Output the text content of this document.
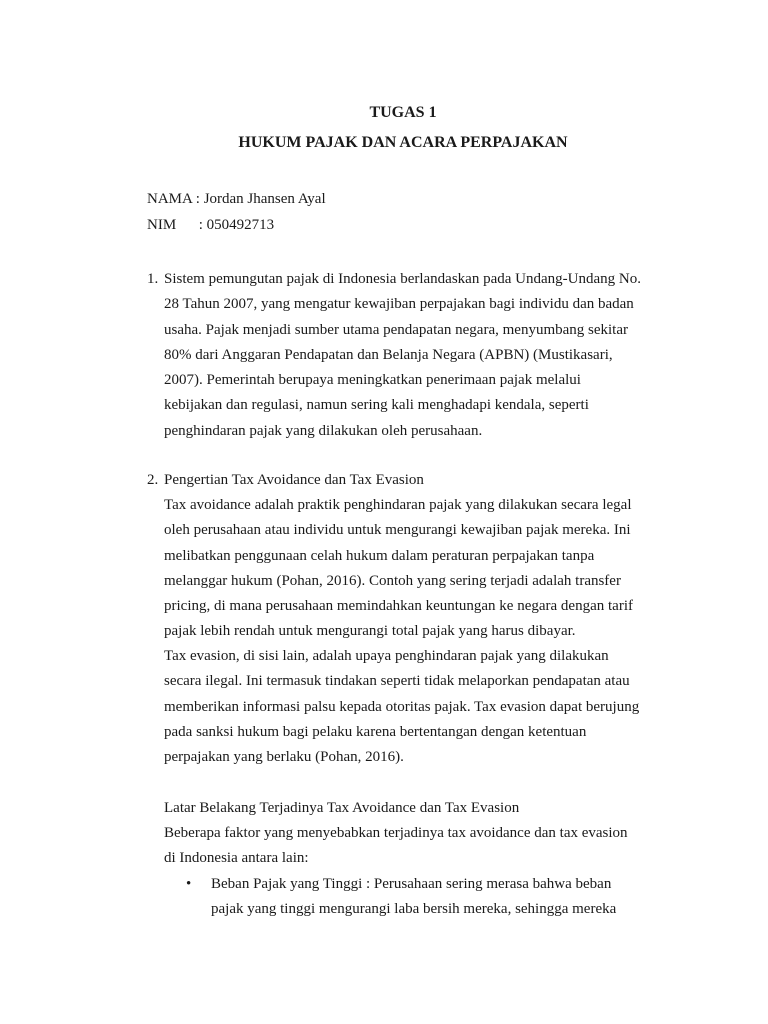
TUGAS 1
HUKUM PAJAK DAN ACARA PERPAJAKAN
NAMA : Jordan Jhansen Ayal
NIM : 050492713
1. Sistem pemungutan pajak di Indonesia berlandaskan pada Undang-Undang No.
28 Tahun 2007, yang mengatur kewajiban perpajakan bagi individu dan badan
usaha. Pajak menjadi sumber utama pendapatan negara, menyumbang sekitar
80% dari Anggaran Pendapatan dan Belanja Negara (APBN) (Mustikasari,
2007). Pemerintah berupaya meningkatkan penerimaan pajak melalui
kebijakan dan regulasi, namun sering kali menghadapi kendala, seperti
penghindaran pajak yang dilakukan oleh perusahaan.
2. Pengertian Tax Avoidance dan Tax Evasion
Tax avoidance adalah praktik penghindaran pajak yang dilakukan secara legal
oleh perusahaan atau individu untuk mengurangi kewajiban pajak mereka. Ini
melibatkan penggunaan celah hukum dalam peraturan perpajakan tanpa
melanggar hukum (Pohan, 2016). Contoh yang sering terjadi adalah transfer
pricing, di mana perusahaan memindahkan keuntungan ke negara dengan tarif
pajak lebih rendah untuk mengurangi total pajak yang harus dibayar.
Tax evasion, di sisi lain, adalah upaya penghindaran pajak yang dilakukan
secara ilegal. Ini termasuk tindakan seperti tidak melaporkan pendapatan atau
memberikan informasi palsu kepada otoritas pajak. Tax evasion dapat berujung
pada sanksi hukum bagi pelaku karena bertentangan dengan ketentuan
perpajakan yang berlaku (Pohan, 2016).
Latar Belakang Terjadinya Tax Avoidance dan Tax Evasion
Beberapa faktor yang menyebabkan terjadinya tax avoidance dan tax evasion
di Indonesia antara lain:
• Beban Pajak yang Tinggi : Perusahaan sering merasa bahwa beban
pajak yang tinggi mengurangi laba bersih mereka, sehingga mereka
